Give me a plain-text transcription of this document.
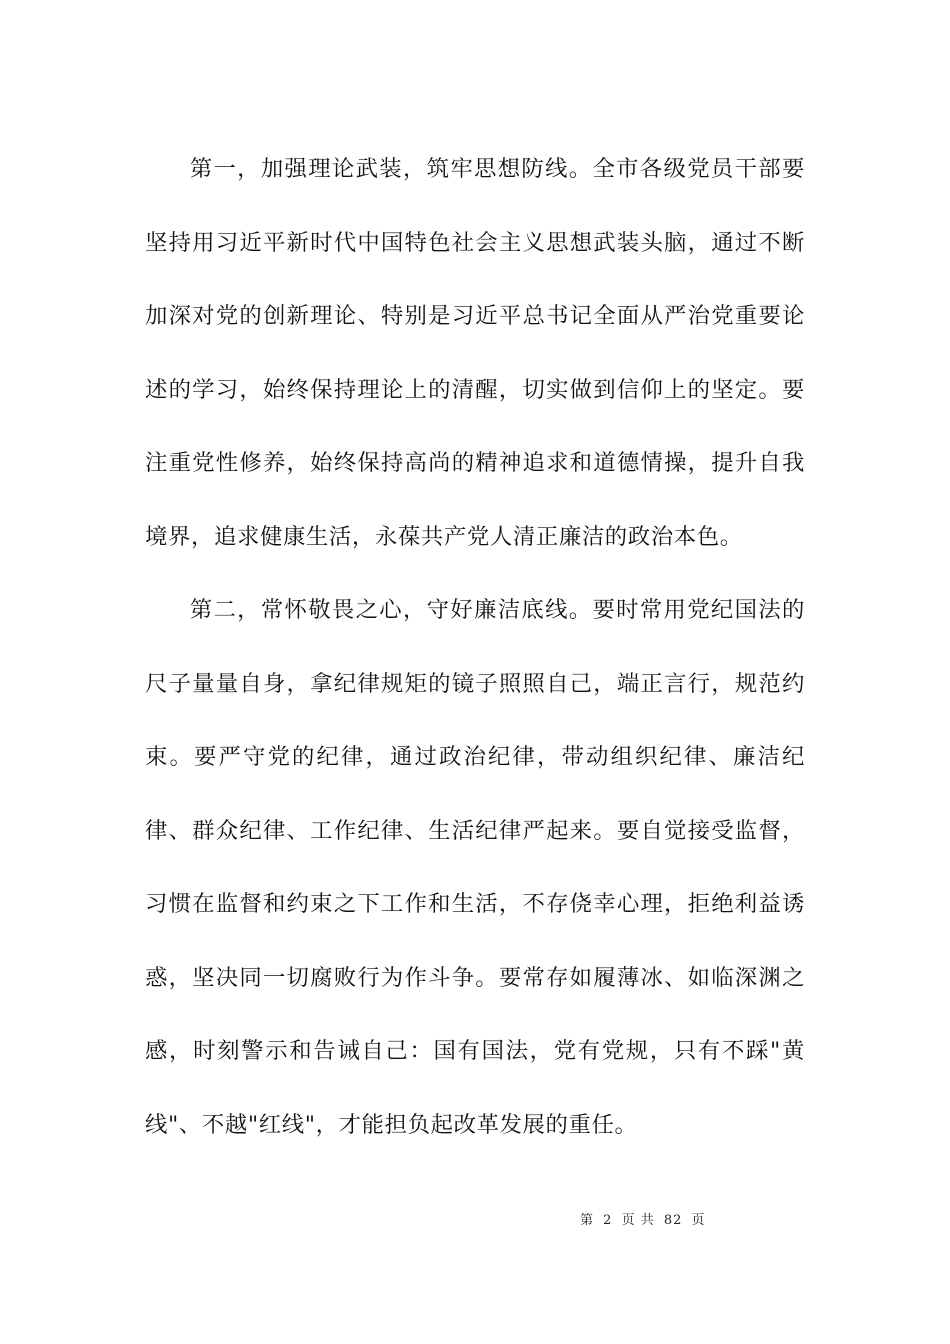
第一，加强理论武装，筑牢思想防线。全市各级党员干部要坚持用习近平新时代中国特色社会主义思想武装头脑，通过不断加深对党的创新理论、特别是习近平总书记全面从严治党重要论述的学习，始终保持理论上的清醒，切实做到信仰上的坚定。要注重党性修养，始终保持高尚的精神追求和道德情操，提升自我境界，追求健康生活，永葆共产党人清正廉洁的政治本色。

第二，常怀敬畏之心，守好廉洁底线。要时常用党纪国法的尺子量量自身，拿纪律规矩的镜子照照自己，端正言行，规范约束。要严守党的纪律，通过政治纪律，带动组织纪律、廉洁纪律、群众纪律、工作纪律、生活纪律严起来。要自觉接受监督，习惯在监督和约束之下工作和生活，不存侥幸心理，拒绝利益诱惑，坚决同一切腐败行为作斗争。要常存如履薄冰、如临深渊之感，时刻警示和告诫自己：国有国法，党有党规，只有不踩"黄线"、不越"红线"，才能担负起改革发展的重任。

第 2 页 共 82 页
